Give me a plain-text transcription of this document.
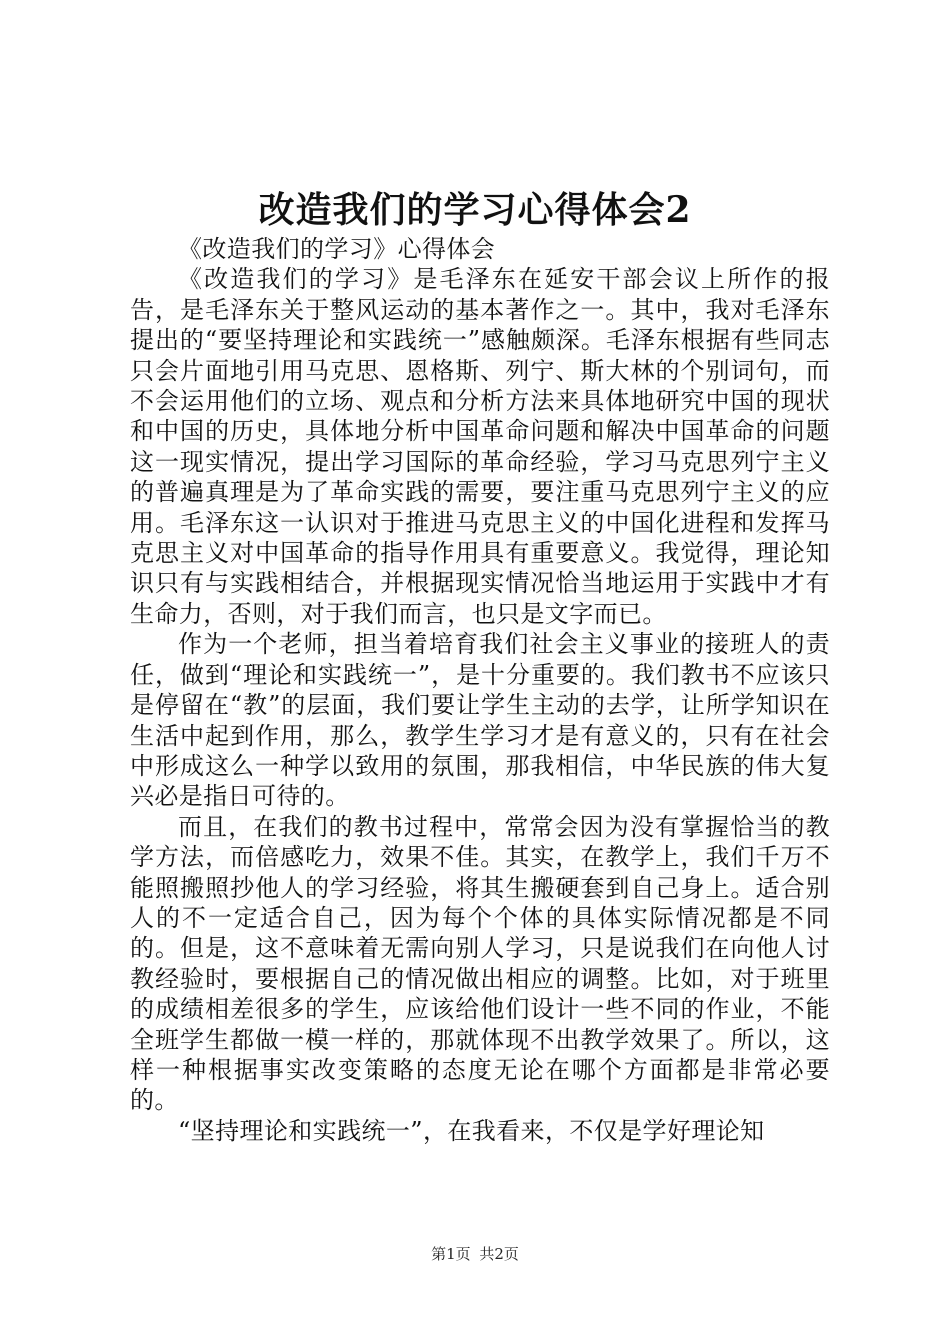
改造我们的学习心得体会2

《改造我们的学习》心得体会

《改造我们的学习》是毛泽东在延安干部会议上所作的报告，是毛泽东关于整风运动的基本著作之一。其中，我对毛泽东提出的“要坚持理论和实践统一”感触颇深。毛泽东根据有些同志只会片面地引用马克思、恩格斯、列宁、斯大林的个别词句，而不会运用他们的立场、观点和分析方法来具体地研究中国的现状和中国的历史，具体地分析中国革命问题和解决中国革命的问题这一现实情况，提出学习国际的革命经验，学习马克思列宁主义的普遍真理是为了革命实践的需要，要注重马克思列宁主义的应用。毛泽东这一认识对于推进马克思主义的中国化进程和发挥马克思主义对中国革命的指导作用具有重要意义。我觉得，理论知识只有与实践相结合，并根据现实情况恰当地运用于实践中才有生命力，否则，对于我们而言，也只是文字而已。

作为一个老师，担当着培育我们社会主义事业的接班人的责任，做到“理论和实践统一”，是十分重要的。我们教书不应该只是停留在“教”的层面，我们要让学生主动的去学，让所学知识在生活中起到作用，那么，教学生学习才是有意义的，只有在社会中形成这么一种学以致用的氛围，那我相信，中华民族的伟大复兴必是指日可待的。

而且，在我们的教书过程中，常常会因为没有掌握恰当的教学方法，而倍感吃力，效果不佳。其实，在教学上，我们千万不能照搬照抄他人的学习经验，将其生搬硬套到自己身上。适合别人的不一定适合自己，因为每个个体的具体实际情况都是不同的。但是，这不意味着无需向别人学习，只是说我们在向他人讨教经验时，要根据自己的情况做出相应的调整。比如，对于班里的成绩相差很多的学生，应该给他们设计一些不同的作业，不能全班学生都做一模一样的，那就体现不出教学效果了。所以，这样一种根据事实改变策略的态度无论在哪个方面都是非常必要的。

“坚持理论和实践统一”，在我看来，不仅是学好理论知

第1页 共2页
